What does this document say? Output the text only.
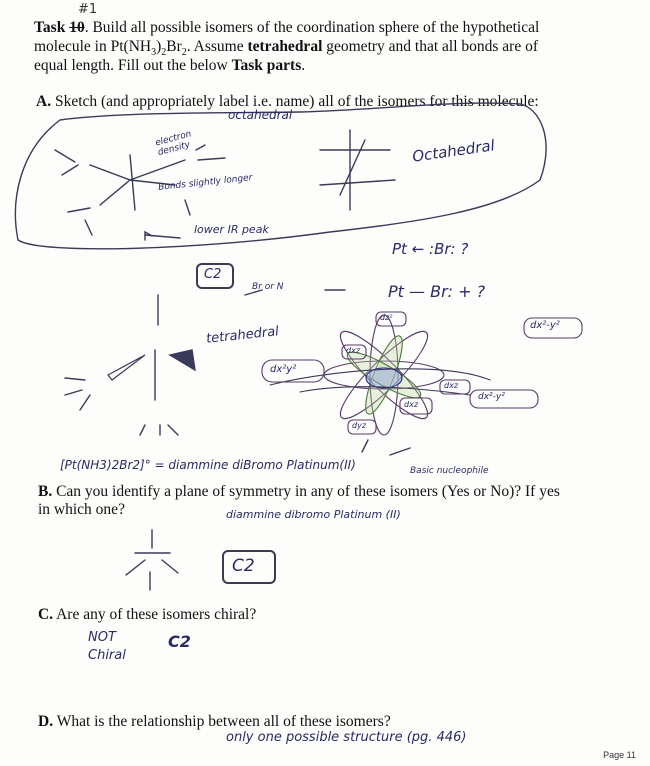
#1

Task 10. Build all possible isomers of the coordination sphere of the hypothetical

molecule in $Pt(NH_3)_2Br_2$. Assume tetrahedral geometry and that all bonds are of

equal length. Fill out the below Task parts.

A. Sketch (and appropriately label i.e. name) all of the isomers for this molecule:

B. Can you identify a plane of symmetry in any of these isomers (Yes or No)? If yes

in which one?

C. Are any of these isomers chiral?

D. What is the relationship between all of these isomers?

octahedral
Octahedral
electron density
Bonds slightly longer
lower IR peak
C2
Pt ← :Br: ?
Pt — Br: + ?
tetrahedral
Br or N
dx²y²
dxz
dx²-y²
dz²
dyz
dxz
dxz
dx²-y²
[Pt(NH3)2Br2]° = diammine diBromo Platinum(II)	Basic nucleophile
diammine dibromo Platinum (II)
C2
NOT
Chiral
C2
only one possible structure (pg. 446)
Page 11
